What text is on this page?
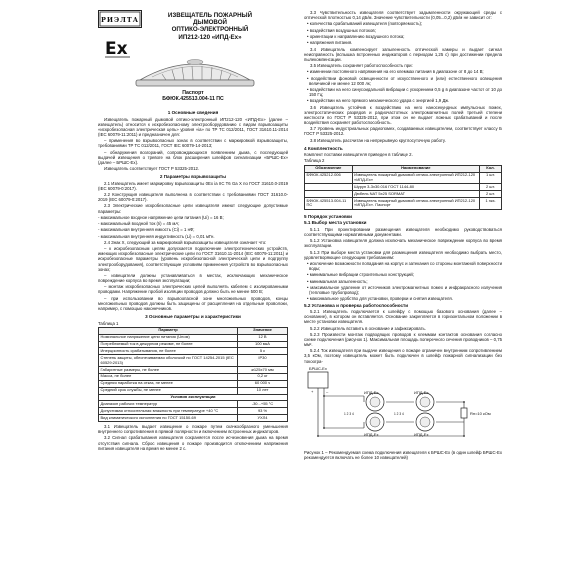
РИЭЛТА
Ex
ИЗВЕЩАТЕЛЬ ПОЖАРНЫЙ
ДЫМОВОЙ
ОПТИКО-ЭЛЕКТРОННЫЙ
ИП212-120 «ИПД-Ех»
Паспорт
БФЮК.425513.004-11 ПС
1 Основные сведения

Извещатель пожарный дымовой оптико-электронный ИП212-120 «ИПД-Ех» (далее – извещатель) относится к искробезопасному электрооборудованию с видом взрывозащиты «искробезопасная электрическая цепь» уровня «ia» по ТР ТС 012/2011, ГОСТ 31610.11-2014 (IEC 60079-11:2011) и предназначен для:

– применения во взрывоопасных зонах в соответствии с маркировкой взрывозащиты, требованиями ТР ТС 012/2011, ГОСТ IEC 60079-14-2013;

– обнаружения возгораний, сопровождающихся появлением дыма, с последующей выдачей извещения о тревоге на блок расширения шлейфов сигнализации «БРШС-Ех» (далее – БРШС-Ех).

Извещатель соответствует ГОСТ Р 53325-2012.

2 Параметры взрывозащиты

2.1 Извещатель имеет маркировку взрывозащиты 0Ex ia IIC T6 Ga X по ГОСТ 31610.0-2019 (IEC 60079-0:2017).

2.2 Конструкция извещателя выполнена в соответствии с требованиями ГОСТ 31610.0-2019 (IEC 60079-0:2017).

2.3 Электрические искробезопасные цепи извещателя имеют следующие допустимые параметры:

- максимальное входное напряжение цепи питания (Ui) = 16 В;

- максимальный входной ток (Ii) = 45 мА;

- максимальная внутренняя емкость (Ci) = 1 нФ;

- максимальная внутренняя индуктивность (Li) = 0,01 мГн.

2.4 Знак X, следующий за маркировкой взрывозащиты извещателя означает что:

– к искробезопасным цепям допускается подключение электротехнических устройств, имеющих искробезопасные электрические цепи по ГОСТ 31610.11-2014 (IEC 60079-11:2011) и искробезопасные параметры (уровень искробезопасной электрической цепи и подгруппу электрооборудования), соответствующие условиям применения устройств во взрывоопасных зонах;

– извещатели должны устанавливаться в местах, исключающих механическое повреждение корпуса во время эксплуатации;

– монтаж искробезопасных электрических цепей выполнять кабелем с изолированными проводами. Напряжение пробой изоляции проводов должно быть не менее 500 В;

– при использовании во взрывоопасной зоне многожильных проводов, концы многожильных проводов должны быть защищены от расщепления на отдельные проволоки, например, с помощью наконечников.

3 Основные параметры и характеристики

Таблица 1

Параметр	Значение
Номинальное напряжение цепи питания (Uном)	12 В
Потребляемый ток в дежурном режиме, не более	100 мкА
Инерционность срабатывания, не более	5 с
Степень защиты, обеспечиваемая оболочкой по ГОСТ 14254-2015 (IEC 60529:2013)	IP30
Габаритные размеры, не более	⌀125x70 мм
Масса, не более	0,2 кг
Средняя наработка на отказ, не менее	60 000 ч
Средний срок службы, не менее	10 лет
Условия эксплуатации	
Диапазон рабочих температур	-30...+55 °С
Допустимая относительная влажность при температуре +40 °С	93 %
Вид климатического исполнения по ГОСТ 15150-69	УХЛ4

3.1 Извещатель выдает извещение о пожаре путем скачкообразного уменьшения внутреннего сопротивления в прямой полярности и включением встроенных индикаторов.

3.2 Сигнал срабатывания извещателя сохраняется после исчезновения дыма на время отсутствия сигнала. Сброс извещения о пожаре производится отключением напряжения питания извещателя на время не менее 2 с.

3.3 Чувствительность извещателя соответствует задымленности окружающей среды с оптической плотностью 0,14 дБ/м. Значение чувствительности (0,05...0,2) дБ/м не зависит от:

• количества срабатываний извещателя (повторяемость);

• воздействия воздушных потоков;

• ориентации к направлению воздушного потока;

• напряжения питания.

3.4 Извещатель компенсирует запыленность оптической камеры и выдает сигнал неисправность (вспышка встроенных индикаторов с периодом 1,25 с) при достижении предела пылекомпенсации.

3.5 Извещатель сохраняет работоспособность при:

• изменении постоянного напряжения на его клеммах питания в диапазоне от 8 до 14 В;

• воздействии фоновой освещенности от искусственного и (или) естественного освещения величиной не менее 12 000 лк;

• воздействии на него синусоидальной вибрации с ускорением 0,5 g в диапазоне частот от 10 до 150 Гц;

• воздействии на него прямого механического удара с энергией 1,9 Дж.

3.6 Извещатель устойчив к воздействию на него наносекундных импульсных помех, электростатических разрядов и радиочастотных электромагнитных полей третьей степени жесткости по ГОСТ Р 53325-2012, при этом он не выдает ложных срабатываний и после воздействия сохраняет работоспособность.

3.7 Уровень индустриальных радиопомех, создаваемых извещателем, соответствует классу Б ГОСТ Р 53325-2012.

3.8 Извещатель рассчитан на непрерывную круглосуточную работу.

4 Комплектность

Комплект поставки извещателя приведен в таблице 2.

Таблица 2

Обозначение	Наименование	Кол.
БФЮК.425212.006	Извещатель пожарный дымовой оптико-электронный ИП212-120 «ИПД-Ех»	1 шт.
	Шуруп 3-3х30.016 ГОСТ 1144-80	2 шт.
	Дюбель NAT 5х25 SORMAT	2 шт.
БФЮК.425513.004-11 ПС	Извещатель пожарный дымовой оптико-электронный ИП212-120 «ИПД-Ех». Паспорт	1 экз.
5 Порядок установки
5.1 Выбор места установки

5.1.1 При проектировании размещения извещателя необходимо руководствоваться соответствующими нормативными документами.

5.1.2 Установка извещателя должна исключать механическое повреждение корпуса во время эксплуатации.

5.1.3 При выборе места установки для размещения извещателя необходимо выбрать место, удовлетворяющее следующим требованиям:

• исключение возможности попадания на корпус и затекания со стороны монтажной поверхности воды;

• минимальные вибрации строительных конструкций;

• минимальная запыленность;

• максимальное удаление от источников электромагнитных помех и инфракрасного излучения (тепловые трубопровод);

• максимальное удобство для установки, проверки и снятия извещателя.

5.2 Установка и проверка работоспособности

5.2.1 Извещатель подключается к шлейфу с помощью базового основания (далее – основание), в котором он вставляется. Основание закрепляется в горизонтальном положении в месте установки извещателя.

5.2.2 Извещатель вставить в основание и зафиксировать.

5.2.3 Произвести монтаж подводящих проводов к клеммам контактов основания согласно схеме подключения (рисунок 1). Максимальная площадь поперечного сечения проводников – 0,75 мм².

5.2.4 Ток извещателя при выдаче извещения о пожаре ограничен внутренним сопротивлением 3,5 кОм, поэтому извещатель может быть подключен в шлейф пожарной сигнализации без токоогра-

БРШС-Ех
+	–	ИПД-Ех
ИПД-Ех
ИПД-Ех
ИПД-Ех
Rн=10 кОм
1 2 3 4	1 2 3 4

Рисунок 1 – Рекомендуемая схема подключения извещателя к БРШС-Ех (в один шлейф БРШС-Ех рекомендуется включать не более 10 извещателей)
